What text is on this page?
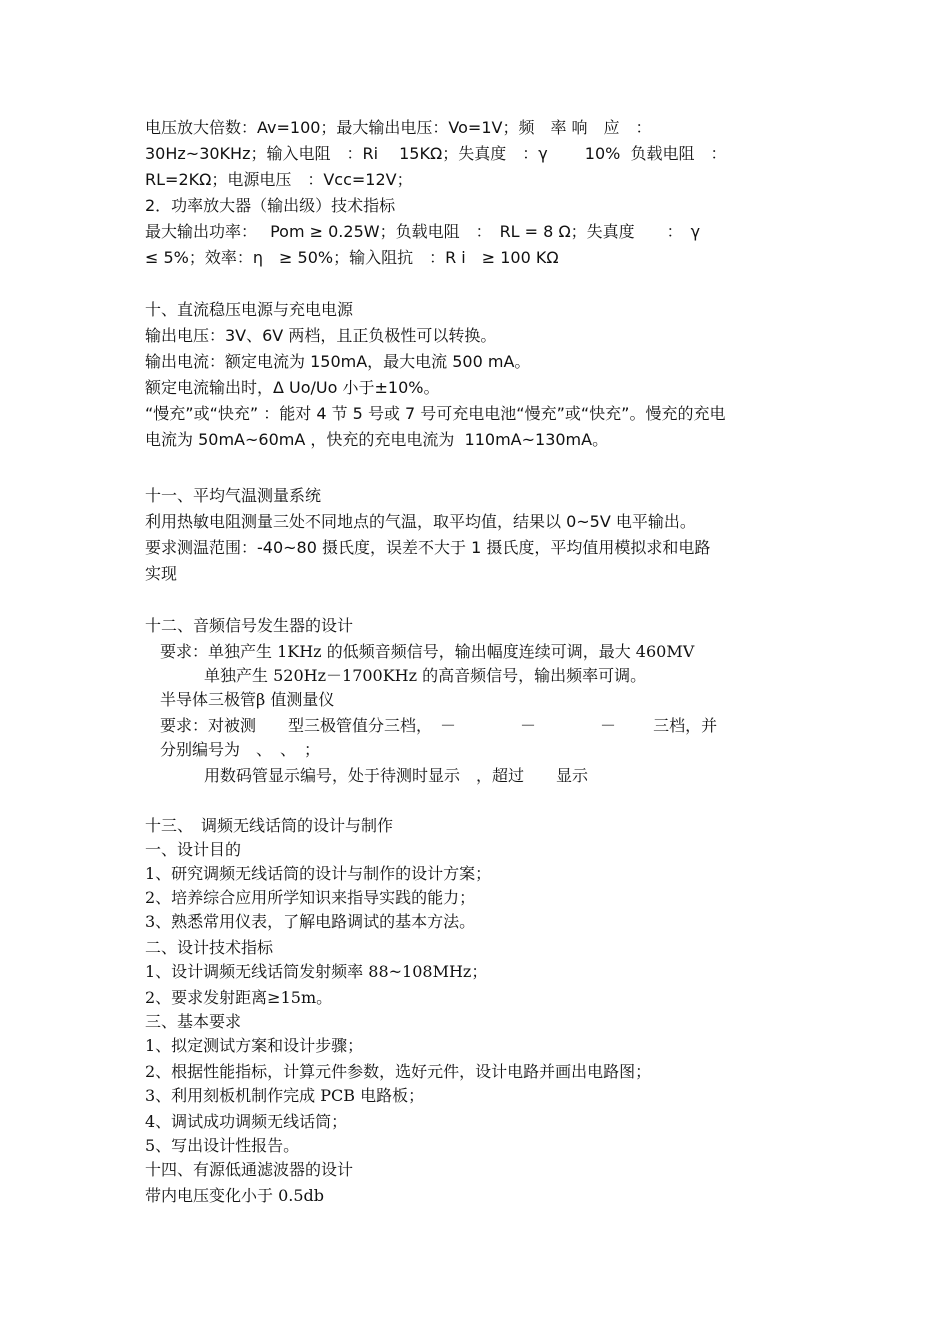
电压放大倍数：Av=100；最大输出电压：Vo=1V；频　率 响　应　：
30Hz~30KHz；输入电阻　：Ri　 15KΩ；失真度　：γ　　 10%  负载电阻　：
RL=2KΩ；电源电压　：Vcc=12V；
2．功率放大器（输出级）技术指标
最大输出功率：　 Pom ≥ 0.25W；负载电阻　：　RL = 8 Ω；失真度　　：　γ
≤ 5%；效率：η　≥ 50%；输入阻抗　：R i　≥ 100 KΩ
十、直流稳压电源与充电电源
输出电压：3V、6V 两档，且正负极性可以转换。
输出电流：额定电流为 150mA，最大电流 500 mA。
额定电流输出时，Δ Uo/Uo 小于±10%。
“慢充”或“快充” ：能对 4 节 5 号或 7 号可充电电池“慢充”或“快充”。慢充的充电
电流为 50mA~60mA ，快充的充电电流为  110mA~130mA。
十一、平均气温测量系统
利用热敏电阻测量三处不同地点的气温，取平均值，结果以 0~5V 电平输出。
要求测温范围：-40~80 摄氏度，误差不大于 1 摄氏度，平均值用模拟求和电路
实现
十二、音频信号发生器的设计
要求：单独产生 1KHz 的低频音频信号，输出幅度连续可调，最大 460MV
单独产生 520Hz－1700KHz 的高音频信号，输出频率可调。
半导体三极管β 值测量仪
要求：对被测　　型三极管值分三档，　－　　　　－　　　　－　　 三档，并
分别编号为　、　、　；
用数码管显示编号，处于待测时显示　，超过　　显示
十三、　调频无线话筒的设计与制作
一、设计目的
1、研究调频无线话筒的设计与制作的设计方案；
2、培养综合应用所学知识来指导实践的能力；
3、熟悉常用仪表，了解电路调试的基本方法。
二、设计技术指标
1、设计调频无线话筒发射频率 88~108MHz；
2、要求发射距离≥15m。
三、基本要求
1、拟定测试方案和设计步骤；
2、根据性能指标，计算元件参数，选好元件，设计电路并画出电路图；
3、利用刻板机制作完成 PCB 电路板；
4、调试成功调频无线话筒；
5、写出设计性报告。
十四、有源低通滤波器的设计
带内电压变化小于 0.5db
